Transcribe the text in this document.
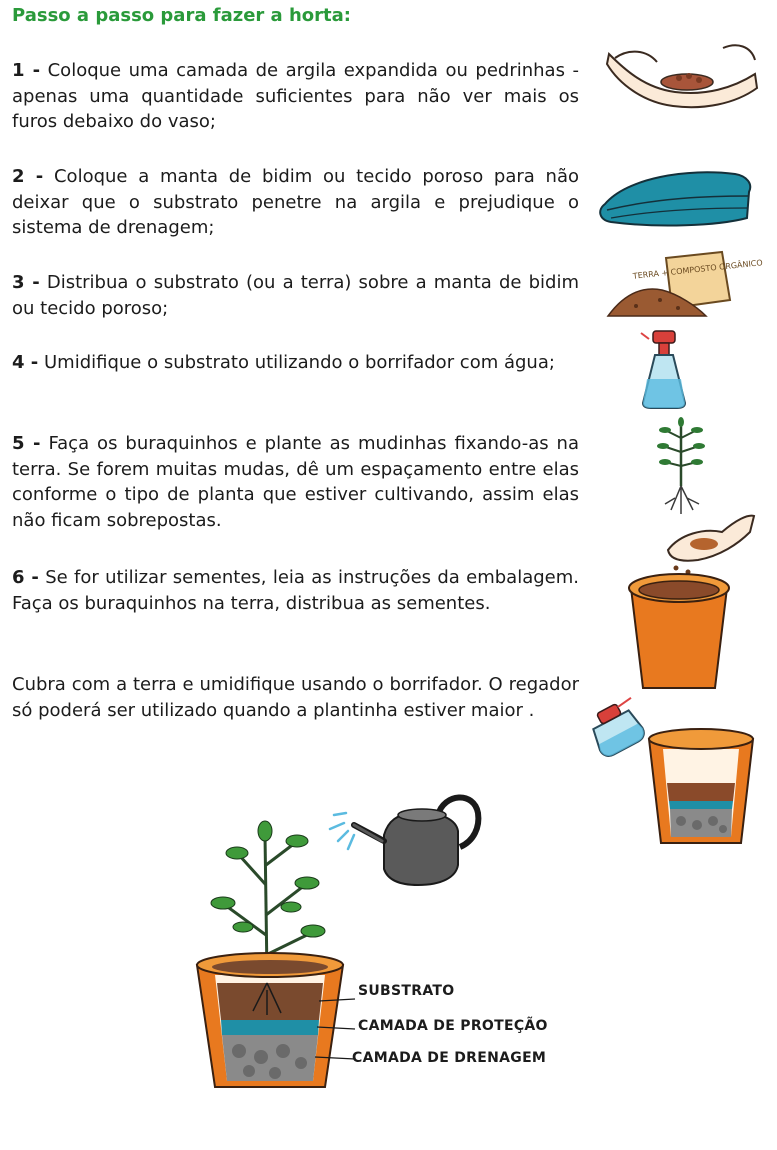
Passo a passo para fazer a horta:

1 - Coloque uma camada de argila expandida ou pedrinhas - apenas uma quantidade suficientes para não ver mais os furos debaixo do vaso;

2 - Coloque a manta de bidim ou tecido poroso para não deixar que o substrato penetre na argila e prejudique o sistema de drenagem;

3 - Distribua o substrato (ou a terra) sobre a manta de bidim ou tecido poroso;

4 - Umidifique o substrato utilizando o borrifador com água;

5 - Faça os buraquinhos e plante as mudinhas fixando-as na terra. Se forem muitas mudas, dê um espaçamento entre elas conforme o tipo de planta que estiver cultivando, assim elas não ficam sobrepostas.

6 - Se for utilizar sementes, leia as instruções da embalagem. Faça os buraquinhos na terra, distribua as sementes.

Cubra com a terra e umidifique usando o borrifador. O regador só poderá ser utilizado quando a plantinha estiver maior .

TERRA + COMPOSTO ORGÂNICO
SUBSTRATO
CAMADA DE PROTEÇÃO
CAMADA DE DRENAGEM
